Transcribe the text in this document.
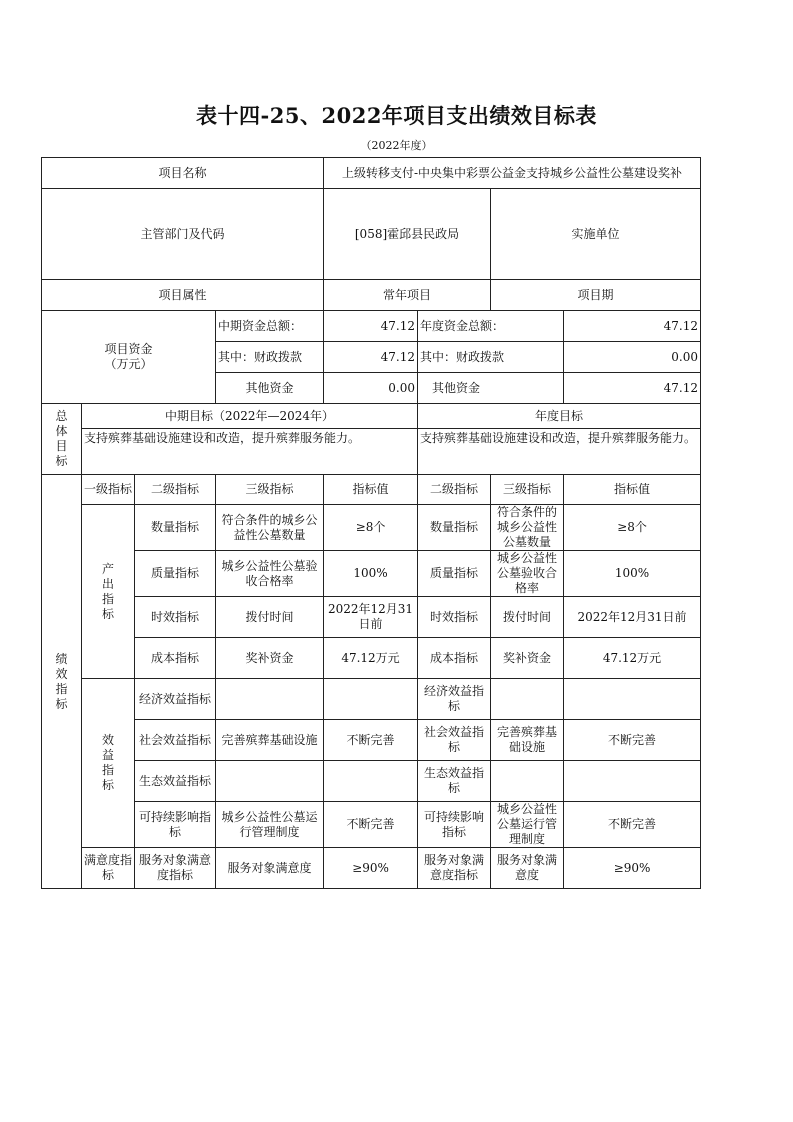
表十四-25、2022年项目支出绩效目标表
（2022年度）
项目名称				上级转移支付-中央集中彩票公益金支持城乡公益性公墓建设奖补				
主管部门及代码				[058]霍邱县民政局		实施单位	
项目属性				常年项目		项目期	

项目资金
（万元）			中期资金总额：	47.12	年度资金总额：		47.12	
			其中：财政拨款	47.12	其中：财政拨款		0.00	
			其他资金	0.00	其他资金		47.12	

总
体
目
标	中期目标（2022年—2024年）				年度目标			
	支持殡葬基础设施建设和改造，提升殡葬服务能力。				支持殡葬基础设施建设和改造，提升殡葬服务能力。			

绩
效
指
标	一级指标	二级指标	三级指标	指标值	二级指标	三级指标	指标值	

	产
出
指
标	数量指标	符合条件的城乡公益性公墓数量	≥8个	数量指标	符合条件的城乡公益性公墓数量	≥8个	
		质量指标	城乡公益性公墓验收合格率	100%	质量指标	城乡公益性公墓验收合格率	100%	
		时效指标	拨付时间	2022年12月31日前	时效指标	拨付时间	2022年12月31日前	
		成本指标	奖补资金	47.12万元	成本指标	奖补资金	47.12万元	

	效
益
指
标	经济效益指标			经济效益指标			
		社会效益指标	完善殡葬基础设施	不断完善	社会效益指标	完善殡葬基础设施	不断完善	
		生态效益指标			生态效益指标			
		可持续影响指标	城乡公益性公墓运行管理制度	不断完善	可持续影响指标	城乡公益性公墓运行管理制度	不断完善	
	满意度指标	服务对象满意度指标	服务对象满意度	≥90%	服务对象满意度指标	服务对象满意度	≥90%	
